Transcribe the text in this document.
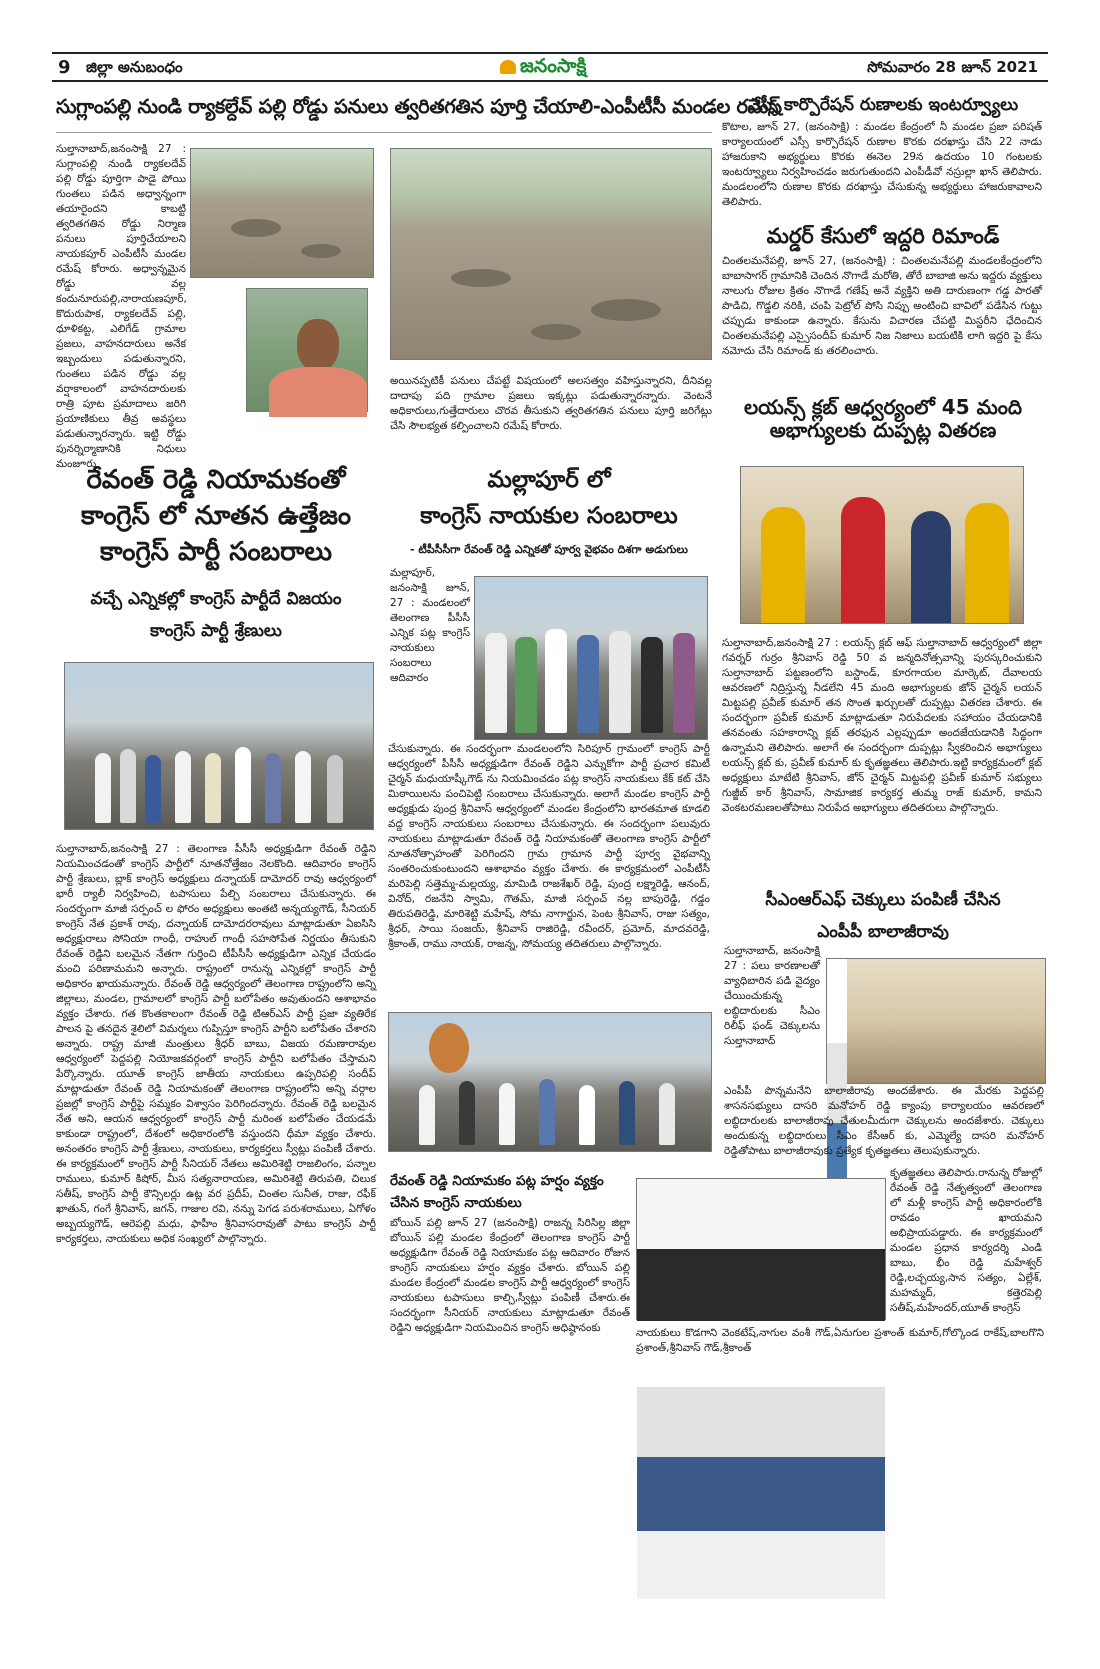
9 జిల్లా అనుబంధం	జనంసాక్షి	సోమవారం 28 జూన్ 2021
సుగ్లాంపల్లి నుండి ర్యాకల్దేవ్ పల్లి రోడ్డు పనులు త్వరితగతిన పూర్తి చేయాలి-ఎంపీటీసీ మండల రమేష్
సుల్తానాబాద్,జనంసాక్షి 27 : సుగ్లాంపల్లి నుండి ర్యాకలదేవ్ పల్లి రోడ్డు పూర్తిగా పాడై పోయి గుంతలు పడిన అధ్వాన్నంగా తయారైందని కాబట్టి త్వరితగతిన రోడ్డు నిర్మాణ పనులు పూర్తిచేయాలని నాయకపూర్ ఎంపీటీసీ మండల రమేష్ కోరారు. అధ్వాన్నమైన రోడ్డు వల్ల కందునూరుపల్లి,నారాయణపూర్, కొదురుపాక, ర్యాకలదేవ్ పల్లి, ధూళికట్ట, ఎలిగేడ్ గ్రామాల ప్రజలు, వాహనదారులు అనేక ఇబ్బందులు పడుతున్నారని, గుంతలు పడిన రోడ్డు వల్ల వర్షాకాలంలో వాహనదారులకు రాత్రి పూట ప్రమాదాలు జరిగి ప్రయాణికులు తీవ్ర అవస్థలు పడుతున్నారన్నారు. ఇట్టి రోడ్డు పునర్నిర్మాణానికి నిధులు మంజూరు
అయినప్పటికీ పనులు చేపట్టే విషయంలో అలసత్వం వహిస్తున్నారని, దీనివల్ల దాదాపు పది గ్రామాల ప్రజలు ఇక్కట్లు పడుతున్నారన్నారు. వెంటనే అధికారులు,గుత్తేదారులు చొరవ తీసుకుని త్వరితగతిన పనులు పూర్తి జరిగేట్లు చేసి సౌలభ్యత కల్పించాలని రమేష్ కోరారు.
ఎస్సీ కార్పొరేషన్ రుణాలకు ఇంటర్వ్యూలు
కొటాల, జూన్ 27, (జనంసాక్షి) : మండల కేంద్రంలో నీ మండల ప్రజా పరిషత్ కార్యాలయంలో ఎస్సీ కార్పొరేషన్ రుణాల కొరకు దరఖాస్తు చేసి 22 నాడు హాజరుకాని అభ్యర్థులు కొరకు ఈనెల 29న ఉదయం 10 గంటలకు ఇంటర్వ్యూలు నిర్వహించడం జరుగుతుందని ఎంపీడీవో నస్రుల్లా ఖాన్ తెలిపారు. మండలంలోని రుణాల కొరకు దరఖాస్తు చేసుకున్న అభ్యర్థులు హాజరుకావాలని తెలిపారు.
మర్డర్ కేసులో ఇద్దరి రిమాండ్
చింతలమనేపల్లి, జూన్ 27, (జనంసాక్షి) : చింతలమనేపల్లి మండలకేంద్రంలోని బాబాసాగర్ గ్రామానికి చెందిన నొగాడే మరోతి, తోరే బాబాజి అను ఇద్దరు వ్యక్తులు నాలుగు రోజుల క్రితం నొగాడే గణేష్ అనే వ్యక్తిని అతి దారుణంగా గడ్డ పారతో పొడిచి, గొడ్డలి నరికి, చంపి పెట్రోల్ పోసి నిప్పు అంటించి బావిలో పడేసిన గుట్టు చప్పుడు కాకుండా ఉన్నారు. కేసును విచారణ చేపట్టి మిస్టరీని ఛేదించిన చింతలమనేపల్లి ఎస్సైసందీప్ కుమార్ నిజ నిజాలు బయటికి లాగి ఇద్దరి పై కేసు నమోదు చేసి రిమాండ్ కు తరలించారు.
లయన్స్ క్లబ్ ఆధ్వర్యంలో 45 మంది అభాగ్యులకు దుప్పట్ల వితరణ
సుల్తానాబాద్,జనంసాక్షి 27 : లయన్స్ క్లబ్ ఆఫ్ సుల్తానాబాద్ ఆధ్వర్యంలో జిల్లా గవర్నర్ గుర్రం శ్రీనివాస్ రెడ్డి 50 వ జన్మదినోత్సవాన్ని పురస్కరించుకుని సుల్తానాబాద్ పట్టణంలోని బస్టాండ్, కూరగాయల మార్కెట్, దేవాలయ ఆవరణలో నిద్రిస్తున్న నీడలేని 45 మంది అభాగ్యులకు జోన్ చైర్మన్ లయన్ మిట్టపల్లి ప్రవీణ్ కుమార్ తన సొంత ఖర్చులతో దుప్పట్లు వితరణ చేశారు. ఈ సందర్భంగా ప్రవీణ్ కుమార్ మాట్లాడుతూ నిరుపేదలకు సహాయం చేయడానికి తనవంతు సహకారాన్ని క్లబ్ తరఫున ఎల్లప్పుడూ అందజేయడానికి సిద్ధంగా ఉన్నామని తెలిపారు. అలాగే ఈ సందర్భంగా దుప్పట్లు స్వీకరించిన అభాగ్యులు లయన్స్ క్లబ్ కు, ప్రవీణ్ కుమార్ కు కృతజ్ఞతలు తెలిపారు.ఇట్టి కార్యక్రమంలో క్లబ్ అధ్యక్షులు మాటేటి శ్రీనివాస్, జోన్ చైర్మన్ మిట్టపల్లి ప్రవీణ్ కుమార్ సభ్యులు గుజ్జీబ్ కార్ శ్రీనివాస్, సామాజిక కార్యకర్త తుమ్మ రాజ్ కుమార్, కామని వెంకటరమణలతోపాటు నిరుపేద అభాగ్యులు తదితరులు పాల్గొన్నారు.
రేవంత్ రెడ్డి నియామకంతో
కాంగ్రెస్ లో నూతన ఉత్తేజం
కాంగ్రెస్ పార్టీ సంబరాలు
వచ్చే ఎన్నికల్లో కాంగ్రెస్ పార్టీదే విజయం
కాంగ్రెస్ పార్టీ శ్రేణులు
సుల్తానాబాద్,జనంసాక్షి 27 : తెలంగాణ పీసీసీ అధ్యక్షుడిగా రేవంత్ రెడ్డిని నియమించడంతో కాంగ్రెస్ పార్టీలో నూతనోత్తేజం నెలకొంది. ఆదివారం కాంగ్రెస్ పార్టీ శ్రేణులు, బ్లాక్ కాంగ్రెస్ అధ్యక్షులు దన్నాయక్ దామోదర్ రావు ఆధ్వర్యంలో భారీ ర్యాలీ నిర్వహించి, టపాసులు పేల్చి సంబరాలు చేసుకున్నారు. ఈ సందర్భంగా మాజీ సర్పంచ్ ల ఫోరం అధ్యక్షులు అంతటి అన్నయ్యగౌడ్, సీనియర్ కాంగ్రెస్ నేత ప్రకాశ్ రావు, దన్నాయక్ దామోదరరావులు మాట్లాడుతూ ఏఐసిసి అధ్యక్షురాలు సోనియా గాంధీ, రాహుల్ గాంధీ సహసోపేత నిర్ణయం తీసుకుని రేవంత్ రెడ్డిని బలమైన నేతగా గుర్తించి టీపీసీసీ అధ్యక్షుడిగా ఎన్నిక చేయడం మంచి పరిణామమని అన్నారు. రాష్ట్రంలో రానున్న ఎన్నికల్లో కాంగ్రెస్ పార్టీ అధికారం ఖాయమన్నారు. రేవంత్ రెడ్డి ఆధ్వర్యంలో తెలంగాణ రాష్ట్రంలోని అన్ని జిల్లాలు, మండల, గ్రామాలలో కాంగ్రెస్ పార్టీ బలోపేతం అవుతుందని ఆశాభావం వ్యక్తం చేశారు. గత కొంతకాలంగా రేవంత్ రెడ్డి టిఆర్ఎస్ పార్టీ ప్రజా వ్యతిరేక పాలన పై తనదైన శైలిలో విమర్శలు గుప్పిస్తూ కాంగ్రెస్ పార్టీని బలోపేతం చేశారని అన్నారు. రాష్ట్ర మాజీ మంత్రులు శ్రీధర్ బాబు, విజయ రమణారావుల ఆధ్వర్యంలో పెద్దపల్లి నియోజకవర్గంలో కాంగ్రెస్ పార్టీని బలోపేతం చేస్తామని పేర్కొన్నారు. యూత్ కాంగ్రెస్ జాతీయ నాయకులు ఉప్పరిపల్లి సందీప్ మాట్లాడుతూ రేవంత్ రెడ్డి నియామకంతో తెలంగాణ రాష్ట్రంలోని అన్ని వర్గాల ప్రజల్లో కాంగ్రెస్ పార్టీపై సమ్మకం విశ్వాసం పెరిగిందన్నారు. రేవంత్ రెడ్డి బలమైన నేత అని, ఆయన ఆధ్వర్యంలో కాంగ్రెస్ పార్టీ మరింత బలోపేతం చేయడమే కాకుండా రాష్ట్రంలో, దేశంలో అధికారంలోకి వస్తుందని ధీమా వ్యక్తం చేశారు. అనంతరం కాంగ్రెస్ పార్టీ శ్రేణులు, నాయకులు, కార్యకర్తలు స్వీట్లు పంపిణీ చేశారు. ఈ కార్యక్రమంలో కాంగ్రెస్ పార్టీ సీనియర్ నేతలు అమిరిశెట్టి రాజలింగం, పన్నాల రాములు, కుమార్ కిషోర్, మీస సత్యనారాయణ, అమిరిశెట్టి తిరుపతి, చిలుక సతీష్, కాంగ్రెస్ పార్టీ కౌన్సిలర్లు ఉట్ల వర ప్రదీప్, చింతల సునీత, రాజు, రఫీక్ ఖాతున్, గంగే శ్రీనివాస్, జగన్, గాజుల రవి, నన్ను పెగడ పరుశరాములు, ఏగోళం అబ్బయ్యగౌడ్, ఆరెపల్లి మధు, ఫాహీం శ్రీనివాసరావుతో పాటు కాంగ్రెస్ పార్టీ కార్యకర్తలు, నాయకులు అధిక సంఖ్యలో పాల్గొన్నారు.
మల్లాపూర్ లో
కాంగ్రెస్ నాయకుల సంబరాలు
- టీపీసీసీగా రేవంత్ రెడ్డి ఎన్నికతో పూర్వ వైభవం దిశగా అడుగులు
మల్లాపూర్, జనంసాక్షి జూన్, 27 : మండలంలో తెలంగాణ పీసీసీ ఎన్నిక పట్ల కాంగ్రెస్ నాయకులు సంబరాలు ఆదివారం
చేసుకున్నారు. ఈ సందర్భంగా మండలంలోని సిరిపూర్ గ్రామంలో కాంగ్రెస్ పార్టీ ఆధ్వర్యంలో పీసీసీ అధ్యక్షుడిగా రేవంత్ రెడ్డిని ఎన్నుకోగా పార్టీ ప్రచార కమిటీ చైర్మన్ మధుయాష్కీగౌడ్ ను నియమించడం పట్ల కాంగ్రెస్ నాయకులు కేక్ కట్ చేసి మిఠాయిలను పంచిపెట్టి సంబరాలు చేసుకున్నారు. అలాగే మండల కాంగ్రెస్ పార్టీ అధ్యక్షుడు పుంద్ర శ్రీనివాస్ ఆధ్వర్యంలో మండల కేంద్రంలోని భారతమాత కూడలి వద్ద కాంగ్రెస్ నాయకులు సంబరాలు చేసుకున్నారు. ఈ సందర్భంగా పలువురు నాయకులు మాట్లాడుతూ రేవంత్ రెడ్డి నియామకంతో తెలంగాణ కాంగ్రెస్ పార్టీలో నూతనోత్సాహంతో పెరిగిందని గ్రామ గ్రామాన పార్టీ పూర్వ వైభవాన్ని సంతరించుకుంటుందని ఆశాభావం వ్యక్తం చేశారు. ఈ కార్యక్రమంలో ఎంపీటీసీ మరిపెల్లి సత్తెమ్మ-మల్లయ్య, మామిడి రాజశేఖర్ రెడ్డి, పుంద్ర లక్ష్మారెడ్డి, ఆనంద్, వినోద్, రజనేని స్వామి, గౌతమ్, మాజీ సర్పంచ్ నల్ల బాపురెడ్డి, గడ్డం తిరుపతిరెడ్డి, మారిశెట్టి మహేష్, సోమ నాగార్జున, పెంట శ్రీనివాస్, రాజు సత్యం, శ్రీధర్, సాయి సంజయ్, శ్రీనివాస్ రాజిరెడ్డి, రవీందర్, ప్రమోద్, మాదవరెడ్డి, శ్రీకాంత్, రాము నాయక్, రాజన్న, సోమయ్య తదితరులు పాల్గొన్నారు.
సీఎంఆర్ఎఫ్ చెక్కులు పంపిణీ చేసిన
ఎంపీపీ బాలాజీరావు
సుల్తానాబాద్, జనంసాక్షి 27 : పలు కారణాలతో వ్యాధిబారిన పడి వైద్యం చేయించుకున్న లబ్ధిదారులకు సీఎం రిలీఫ్ ఫండ్ చెక్కులను సుల్తానాబాద్
ఎంపీపీ పొన్నమనేని బాలాజీరావు అందజేశారు. ఈ మేరకు పెద్దపల్లి శాసనసభ్యులు దాసరి మనోహర్ రెడ్డి క్యాంపు కార్యాలయం ఆవరణలో లబ్ధిదారులకు బాలాజీరావు చేతులమీదుగా చెక్కులను అందజేశారు. చెక్కులు అందుకున్న లబ్ధిదారులు సీఎం కేసీఆర్ కు, ఎమ్మెల్యే దాసరి మనోహర్ రెడ్డితోపాటు బాలాజీరావుకు ప్రత్యేక కృతజ్ఞతలు తెలుపుకున్నారు.
రేవంత్ రెడ్డి నియామకం పట్ల హర్షం వ్యక్తం
చేసిన కాంగ్రెస్ నాయకులు
బోయిన్ పల్లి జూన్ 27 (జనంసాక్షి) రాజన్న సిరిసిల్ల జిల్లా బోయిన్ పల్లి మండల కేంద్రంలో తెలంగాణ కాంగ్రెస్ పార్టీ అధ్యక్షుడిగా రేవంత్ రెడ్డి నియామకం పట్ల ఆదివారం రోజున కాంగ్రెస్ నాయకులు హర్షం వ్యక్తం చేశారు. బోయిన్ పల్లి మండల కేంద్రంలో మండల కాంగ్రెస్ పార్టీ ఆధ్వర్యంలో కాంగ్రెస్ నాయకులు టపాసులు కాల్చి,స్వీట్లు పంపిణీ చేశారు.ఈ సందర్భంగా సీనియర్ నాయకులు మాట్లాడుతూ రేవంత్ రెడ్డిని అధ్యక్షుడిగా నియమించిన కాంగ్రెస్ అధిష్ఠానంకు
కృతజ్ఞతలు తెలిపారు.రానున్న రోజుల్లో రేవంత్ రెడ్డి నేతృత్వంలో తెలంగాణ లో మళ్లీ కాంగ్రెస్ పార్టీ అధికారంలోకి రావడం ఖాయమని అభిప్రాయపడ్డారు. ఈ కార్యక్రమంలో మండల ప్రధాన కార్యదర్శి ఎండి బాబు, భీం రెడ్డి మహేశ్వర్ రెడ్డి,లచ్చయ్య,సాన సత్యం, ఏల్లేశ్, మహమ్మద్, కత్తెరపెల్లి సతీష్,మహేందర్,యూత్ కాంగ్రెస్
నాయకులు కొడగాని వెంకటేష్,నాగుల వంశీ గౌడ్,ఏనుగుల ప్రశాంత్ కుమార్,గోల్కొండ రాకేష్,బాలగొని ప్రశాంత్,శ్రీనివాస్ గౌడ్,శ్రీకాంత్
